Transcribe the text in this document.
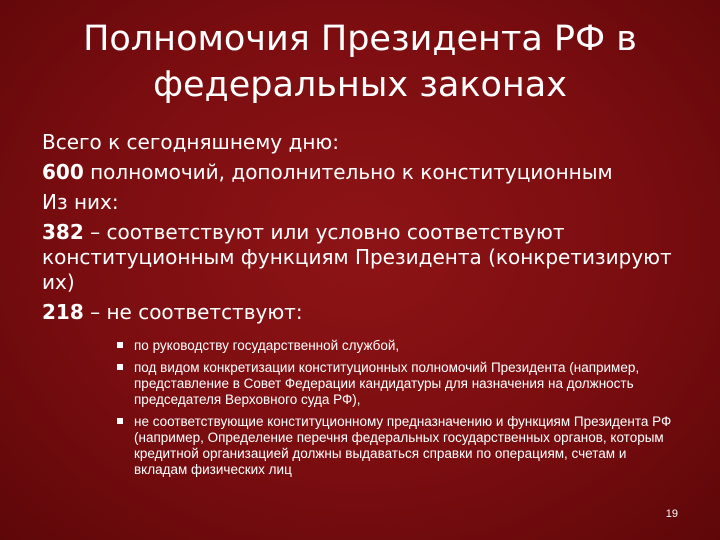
Полномочия Президента РФ в
федеральных законах

Всего к сегодняшнему дню:

600 полномочий, дополнительно к конституционным

Из них:

382 – соответствуют или условно соответствуют конституционным функциям Президента (конкретизируют их)

218 – не соответствуют:

по руководству государственной службой,
под видом конкретизации конституционных полномочий Президента (например, представление в Совет Федерации кандидатуры для назначения на должность председателя Верховного суда РФ),
не соответствующие конституционному предназначению и функциям Президента РФ (например, Определение перечня федеральных государственных органов, которым кредитной организацией должны выдаваться справки по операциям, счетам и вкладам физических лиц
19
